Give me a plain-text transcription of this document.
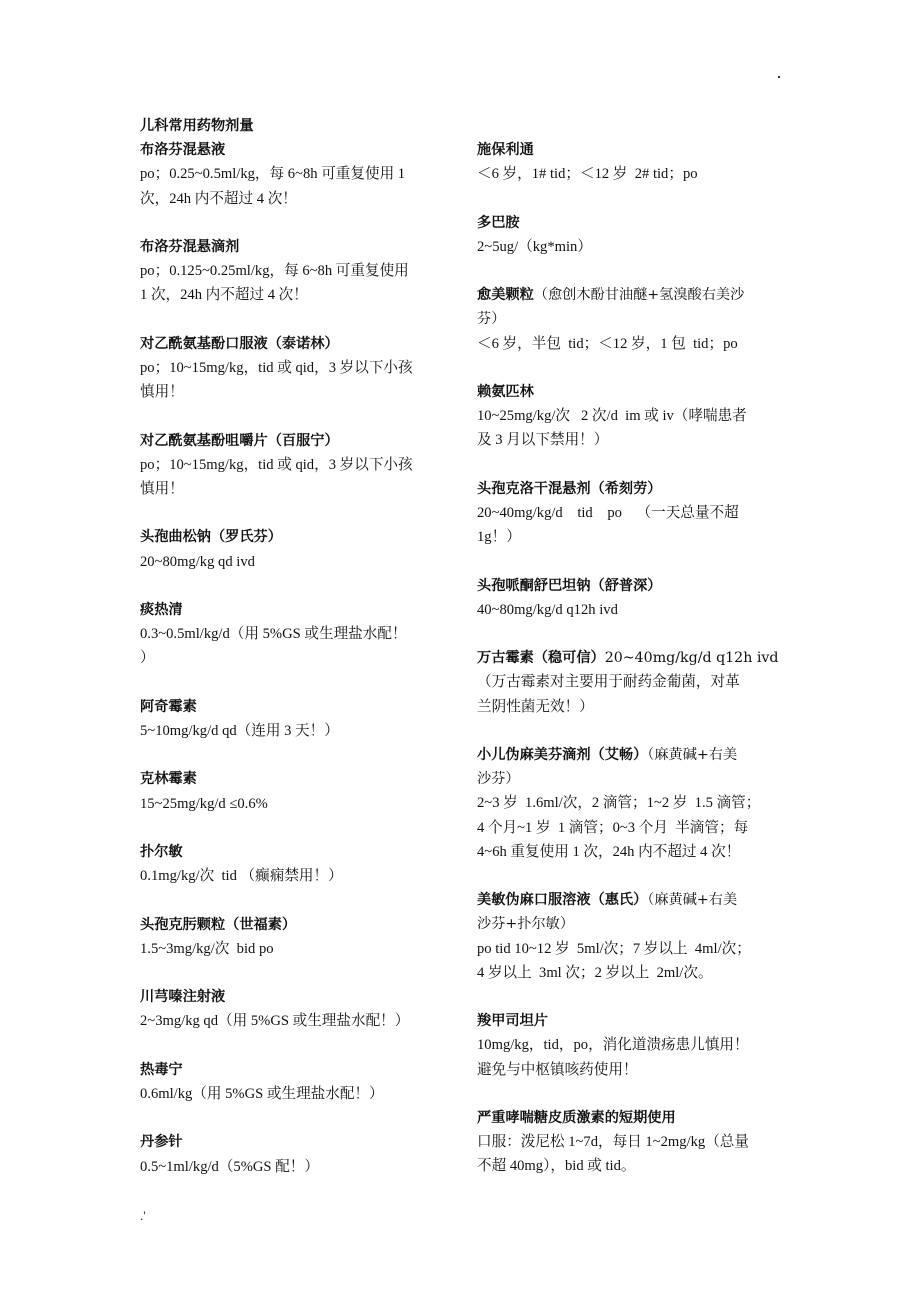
儿科常用药物剂量
布洛芬混悬液
po；0.25~0.5ml/kg，每 6~8h 可重复使用 1
次，24h 内不超过 4 次！
布洛芬混悬滴剂
po；0.125~0.25ml/kg，每 6~8h 可重复使用
1 次，24h 内不超过 4 次！
对乙酰氨基酚口服液（泰诺林）
po；10~15mg/kg，tid 或 qid，3 岁以下小孩
慎用！
对乙酰氨基酚咀嚼片（百服宁）
po；10~15mg/kg，tid 或 qid，3 岁以下小孩
慎用！
头孢曲松钠（罗氏芬）
20~80mg/kg qd ivd
痰热清
0.3~0.5ml/kg/d（用 5%GS 或生理盐水配！
）
阿奇霉素
5~10mg/kg/d qd（连用 3 天！）
克林霉素
15~25mg/kg/d ≤0.6%
扑尔敏
0.1mg/kg/次  tid （癫痫禁用！）
头孢克肟颗粒（世福素）
1.5~3mg/kg/次  bid po
川芎嗪注射液
2~3mg/kg qd（用 5%GS 或生理盐水配！）
热毒宁
0.6ml/kg（用 5%GS 或生理盐水配！）
丹参针
0.5~1ml/kg/d（5%GS 配！）
施保利通
＜6 岁，1# tid；＜12 岁  2# tid；po
多巴胺
2~5ug/（kg*min）
愈美颗粒（愈创木酚甘油醚+氢溴酸右美沙
芬）
＜6 岁，半包  tid；＜12 岁，1 包  tid；po
赖氨匹林
10~25mg/kg/次   2 次/d  im 或 iv（哮喘患者
及 3 月以下禁用！）
头孢克洛干混悬剂（希刻劳）
20~40mg/kg/d    tid    po    （一天总量不超
1g！）
头孢哌酮舒巴坦钠（舒普深）
40~80mg/kg/d q12h ivd
万古霉素（稳可信）20~40mg/kg/d q12h ivd
（万古霉素对主要用于耐药金葡菌，对革
兰阴性菌无效！）
小儿伪麻美芬滴剂（艾畅）（麻黄碱+右美
沙芬）
2~3 岁  1.6ml/次，2 滴管；1~2 岁  1.5 滴管；
4 个月~1 岁  1 滴管；0~3 个月  半滴管；每
4~6h 重复使用 1 次，24h 内不超过 4 次！
美敏伪麻口服溶液（惠氏）（麻黄碱+右美
沙芬+扑尔敏）
po tid 10~12 岁  5ml/次；7 岁以上  4ml/次；
4 岁以上  3ml 次；2 岁以上  2ml/次。
羧甲司坦片
10mg/kg，tid，po，消化道溃疡患儿慎用！
避免与中枢镇咳药使用！
严重哮喘糖皮质激素的短期使用
口服：泼尼松 1~7d，每日 1~2mg/kg（总量
不超 40mg），bid 或 tid。
.'
